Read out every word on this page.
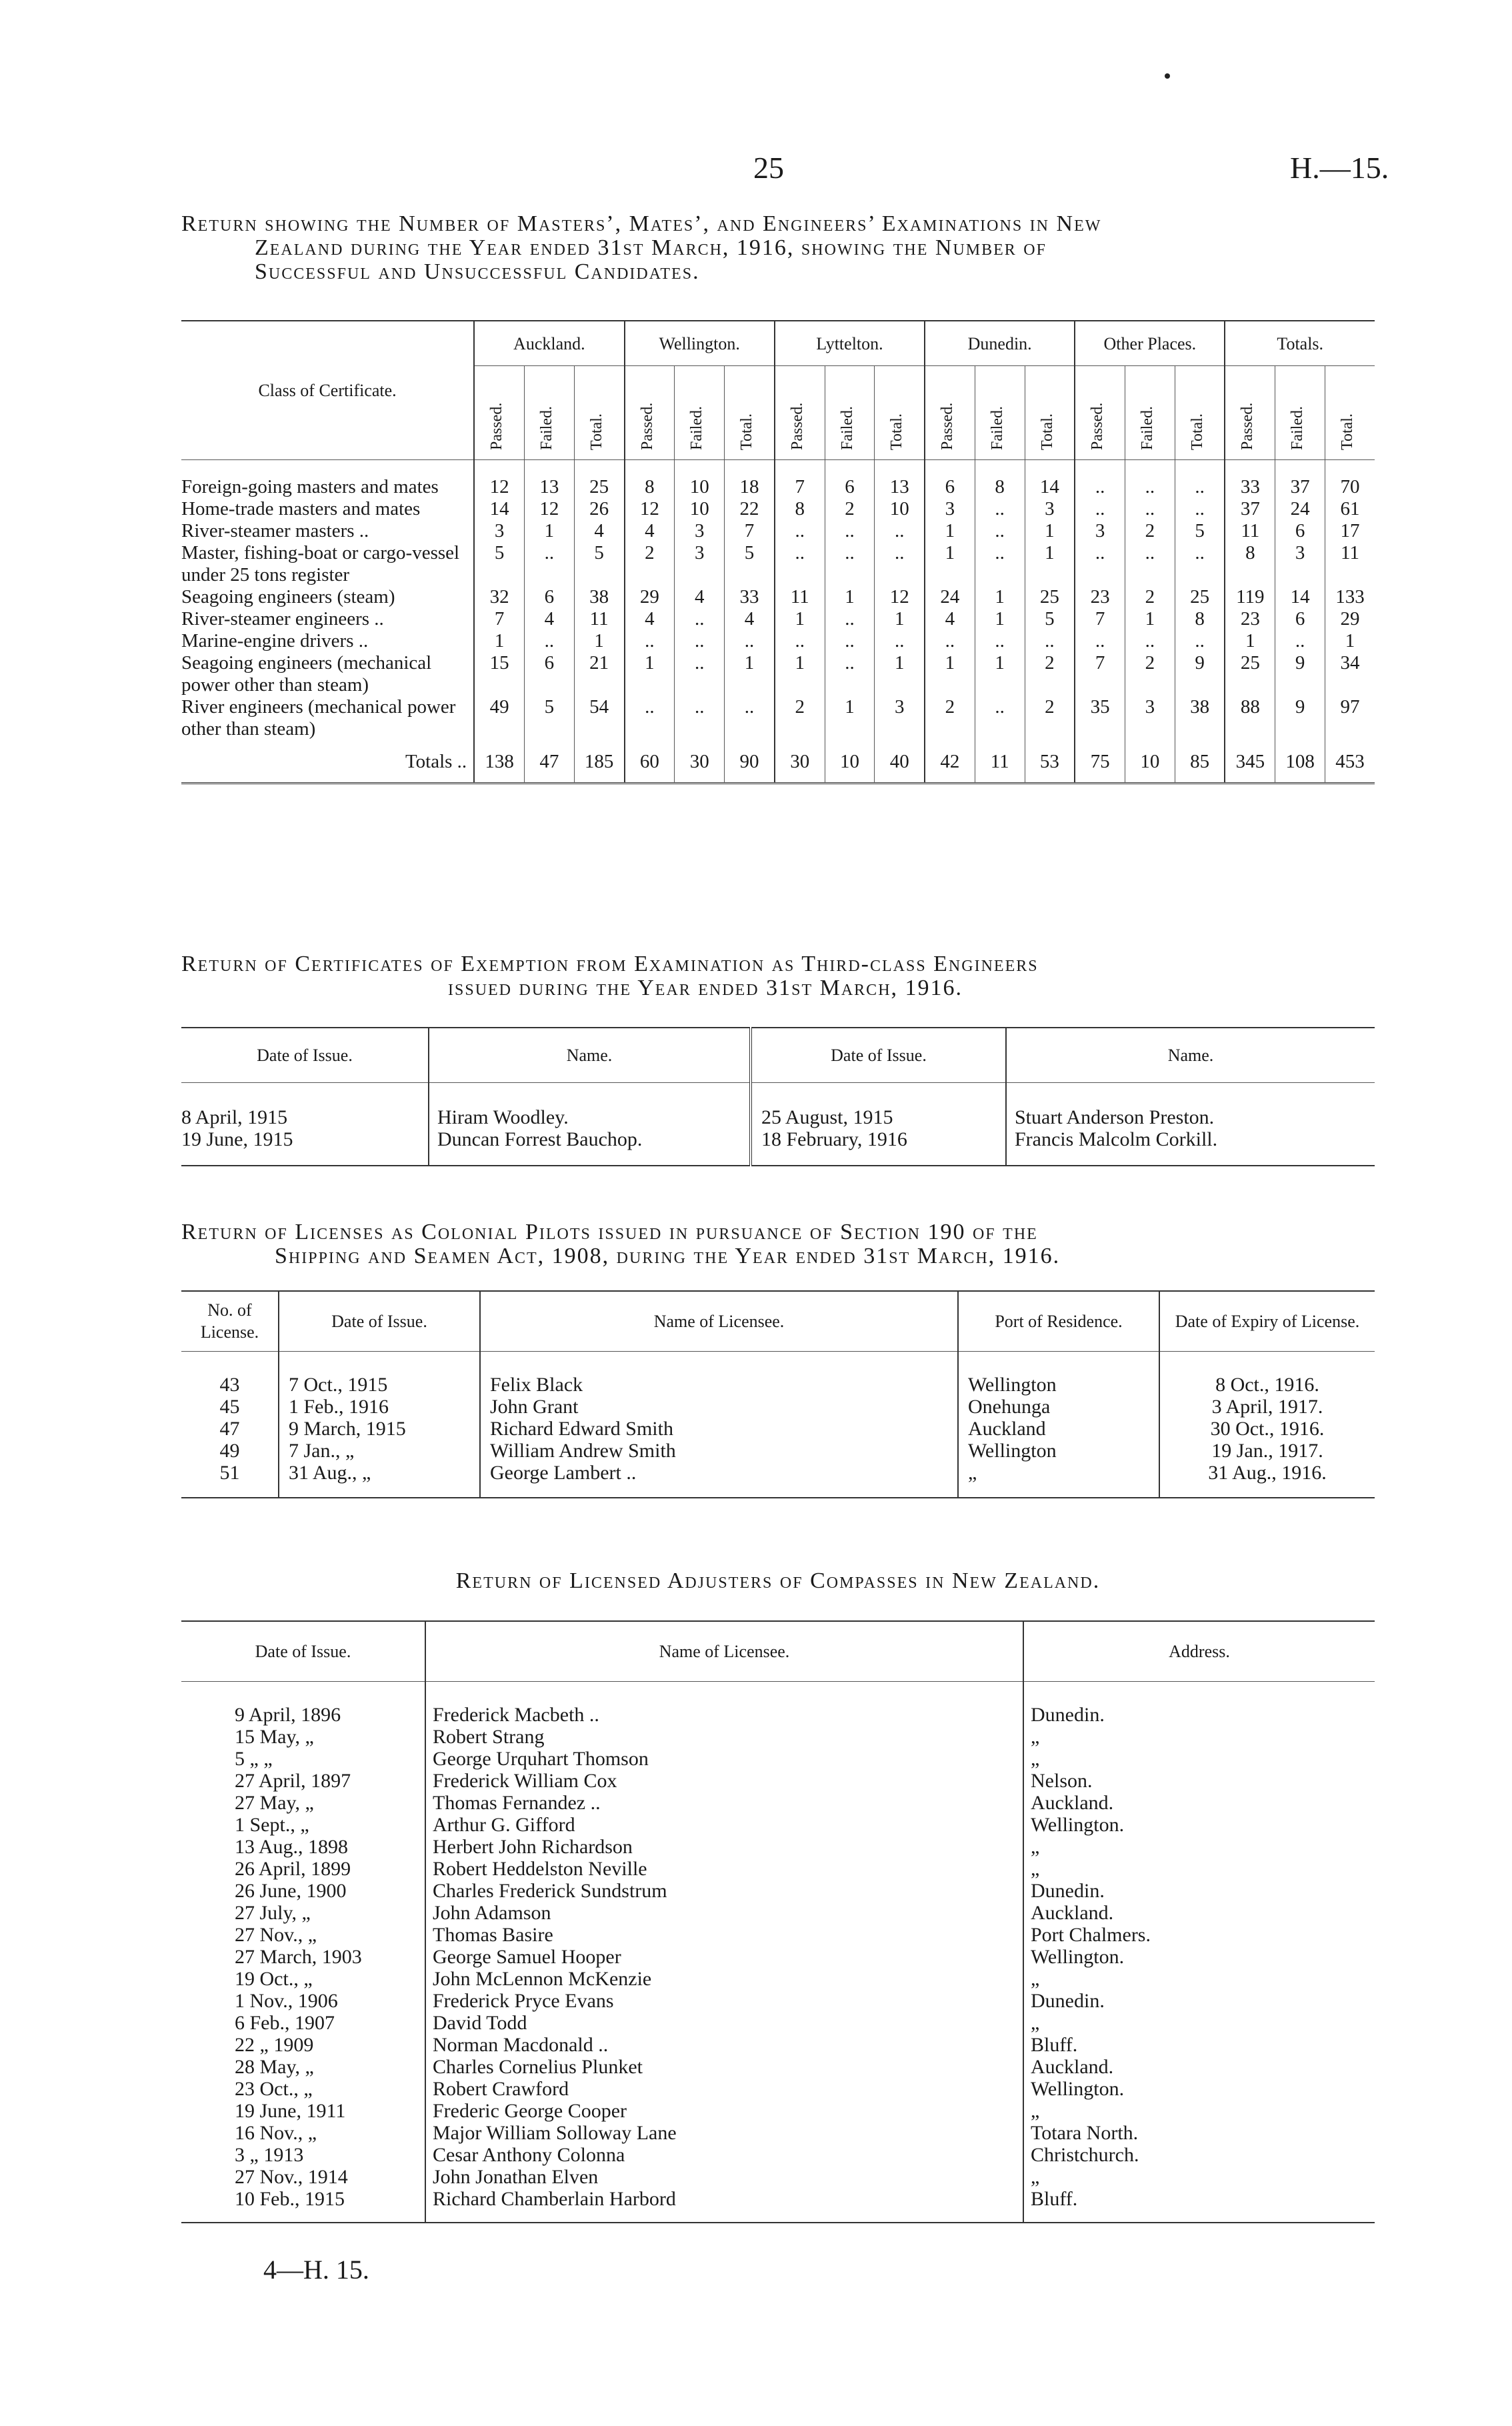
25	H.—15.
Return showing the Number of Masters’, Mates’, and Engineers’ Examinations in New
Zealand during the Year ended 31st March, 1916, showing the Number of
Successful and Unsuccessful Candidates.
Class of Certificate.	Auckland.			Wellington.			Lyttelton.			Dunedin.			Other Places.			Totals.		

	Passed.	Failed.	Total.	Passed.	Failed.	Total.	Passed.	Failed.	Total.	Passed.	Failed.	Total.	Passed.	Failed.	Total.	Passed.	Failed.	Total.

Foreign-going masters and mates	12	13	25	8	10	18	7	6	13	6	8	14	..	..	..	33	37	70
Home-trade masters and mates	14	12	26	12	10	22	8	2	10	3	..	3	..	..	..	37	24	61
River-steamer masters ..	3	1	4	4	3	7	..	..	..	1	..	1	3	2	5	11	6	17
Master, fishing-boat or cargo-vessel under 25 tons register	5	..	5	2	3	5	..	..	..	1	..	1	..	..	..	8	3	11
Seagoing engineers (steam)	32	6	38	29	4	33	11	1	12	24	1	25	23	2	25	119	14	133
River-steamer engineers ..	7	4	11	4	..	4	1	..	1	4	1	5	7	1	8	23	6	29
Marine-engine drivers ..	1	..	1	..	..	..	..	..	..	..	..	..	..	..	..	1	..	1
Seagoing engineers (mechanical power other than steam)	15	6	21	1	..	1	1	..	1	1	1	2	7	2	9	25	9	34
River engineers (mechanical power other than steam)	49	5	54	..	..	..	2	1	3	2	..	2	35	3	38	88	9	97
Totals ..	138	47	185	60	30	90	30	10	40	42	11	53	75	10	85	345	108	453
Return of Certificates of Exemption from Examination as Third-class Engineers
issued during the Year ended 31st March, 1916.
Date of Issue.	Name.	Date of Issue.	Name.

8 April, 1915	Hiram Woodley.	25 August, 1915	Stuart Anderson Preston.
19 June, 1915	Duncan Forrest Bauchop.	18 February, 1916	Francis Malcolm Corkill.
Return of Licenses as Colonial Pilots issued in pursuance of Section 190 of the
Shipping and Seamen Act, 1908, during the Year ended 31st March, 1916.
No. of License.	Date of Issue.	Name of Licensee.	Port of Residence.	Date of Expiry of License.

43	7 Oct., 1915	Felix Black	Wellington	8 Oct., 1916.
45	1 Feb., 1916	John Grant	Onehunga	3 April, 1917.
47	9 March, 1915	Richard Edward Smith	Auckland	30 Oct., 1916.
49	7 Jan., „	William Andrew Smith	Wellington	19 Jan., 1917.
51	31 Aug., „	George Lambert ..	„	31 Aug., 1916.
Return of Licensed Adjusters of Compasses in New Zealand.
Date of Issue.	Name of Licensee.	Address.

9 April, 1896	Frederick Macbeth ..	Dunedin.
15 May, „	Robert Strang	„
5 „ „	George Urquhart Thomson	„
27 April, 1897	Frederick William Cox	Nelson.
27 May, „	Thomas Fernandez ..	Auckland.
1 Sept., „	Arthur G. Gifford	Wellington.
13 Aug., 1898	Herbert John Richardson	„
26 April, 1899	Robert Heddelston Neville	„
26 June, 1900	Charles Frederick Sundstrum	Dunedin.
27 July, „	John Adamson	Auckland.
27 Nov., „	Thomas Basire	Port Chalmers.
27 March, 1903	George Samuel Hooper	Wellington.
19 Oct., „	John McLennon McKenzie	„
1 Nov., 1906	Frederick Pryce Evans	Dunedin.
6 Feb., 1907	David Todd	„
22 „ 1909	Norman Macdonald ..	Bluff.
28 May, „	Charles Cornelius Plunket	Auckland.
23 Oct., „	Robert Crawford	Wellington.
19 June, 1911	Frederic George Cooper	„
16 Nov., „	Major William Solloway Lane	Totara North.
3 „ 1913	Cesar Anthony Colonna	Christchurch.
27 Nov., 1914	John Jonathan Elven	„
10 Feb., 1915	Richard Chamberlain Harbord	Bluff.
4—H. 15.
